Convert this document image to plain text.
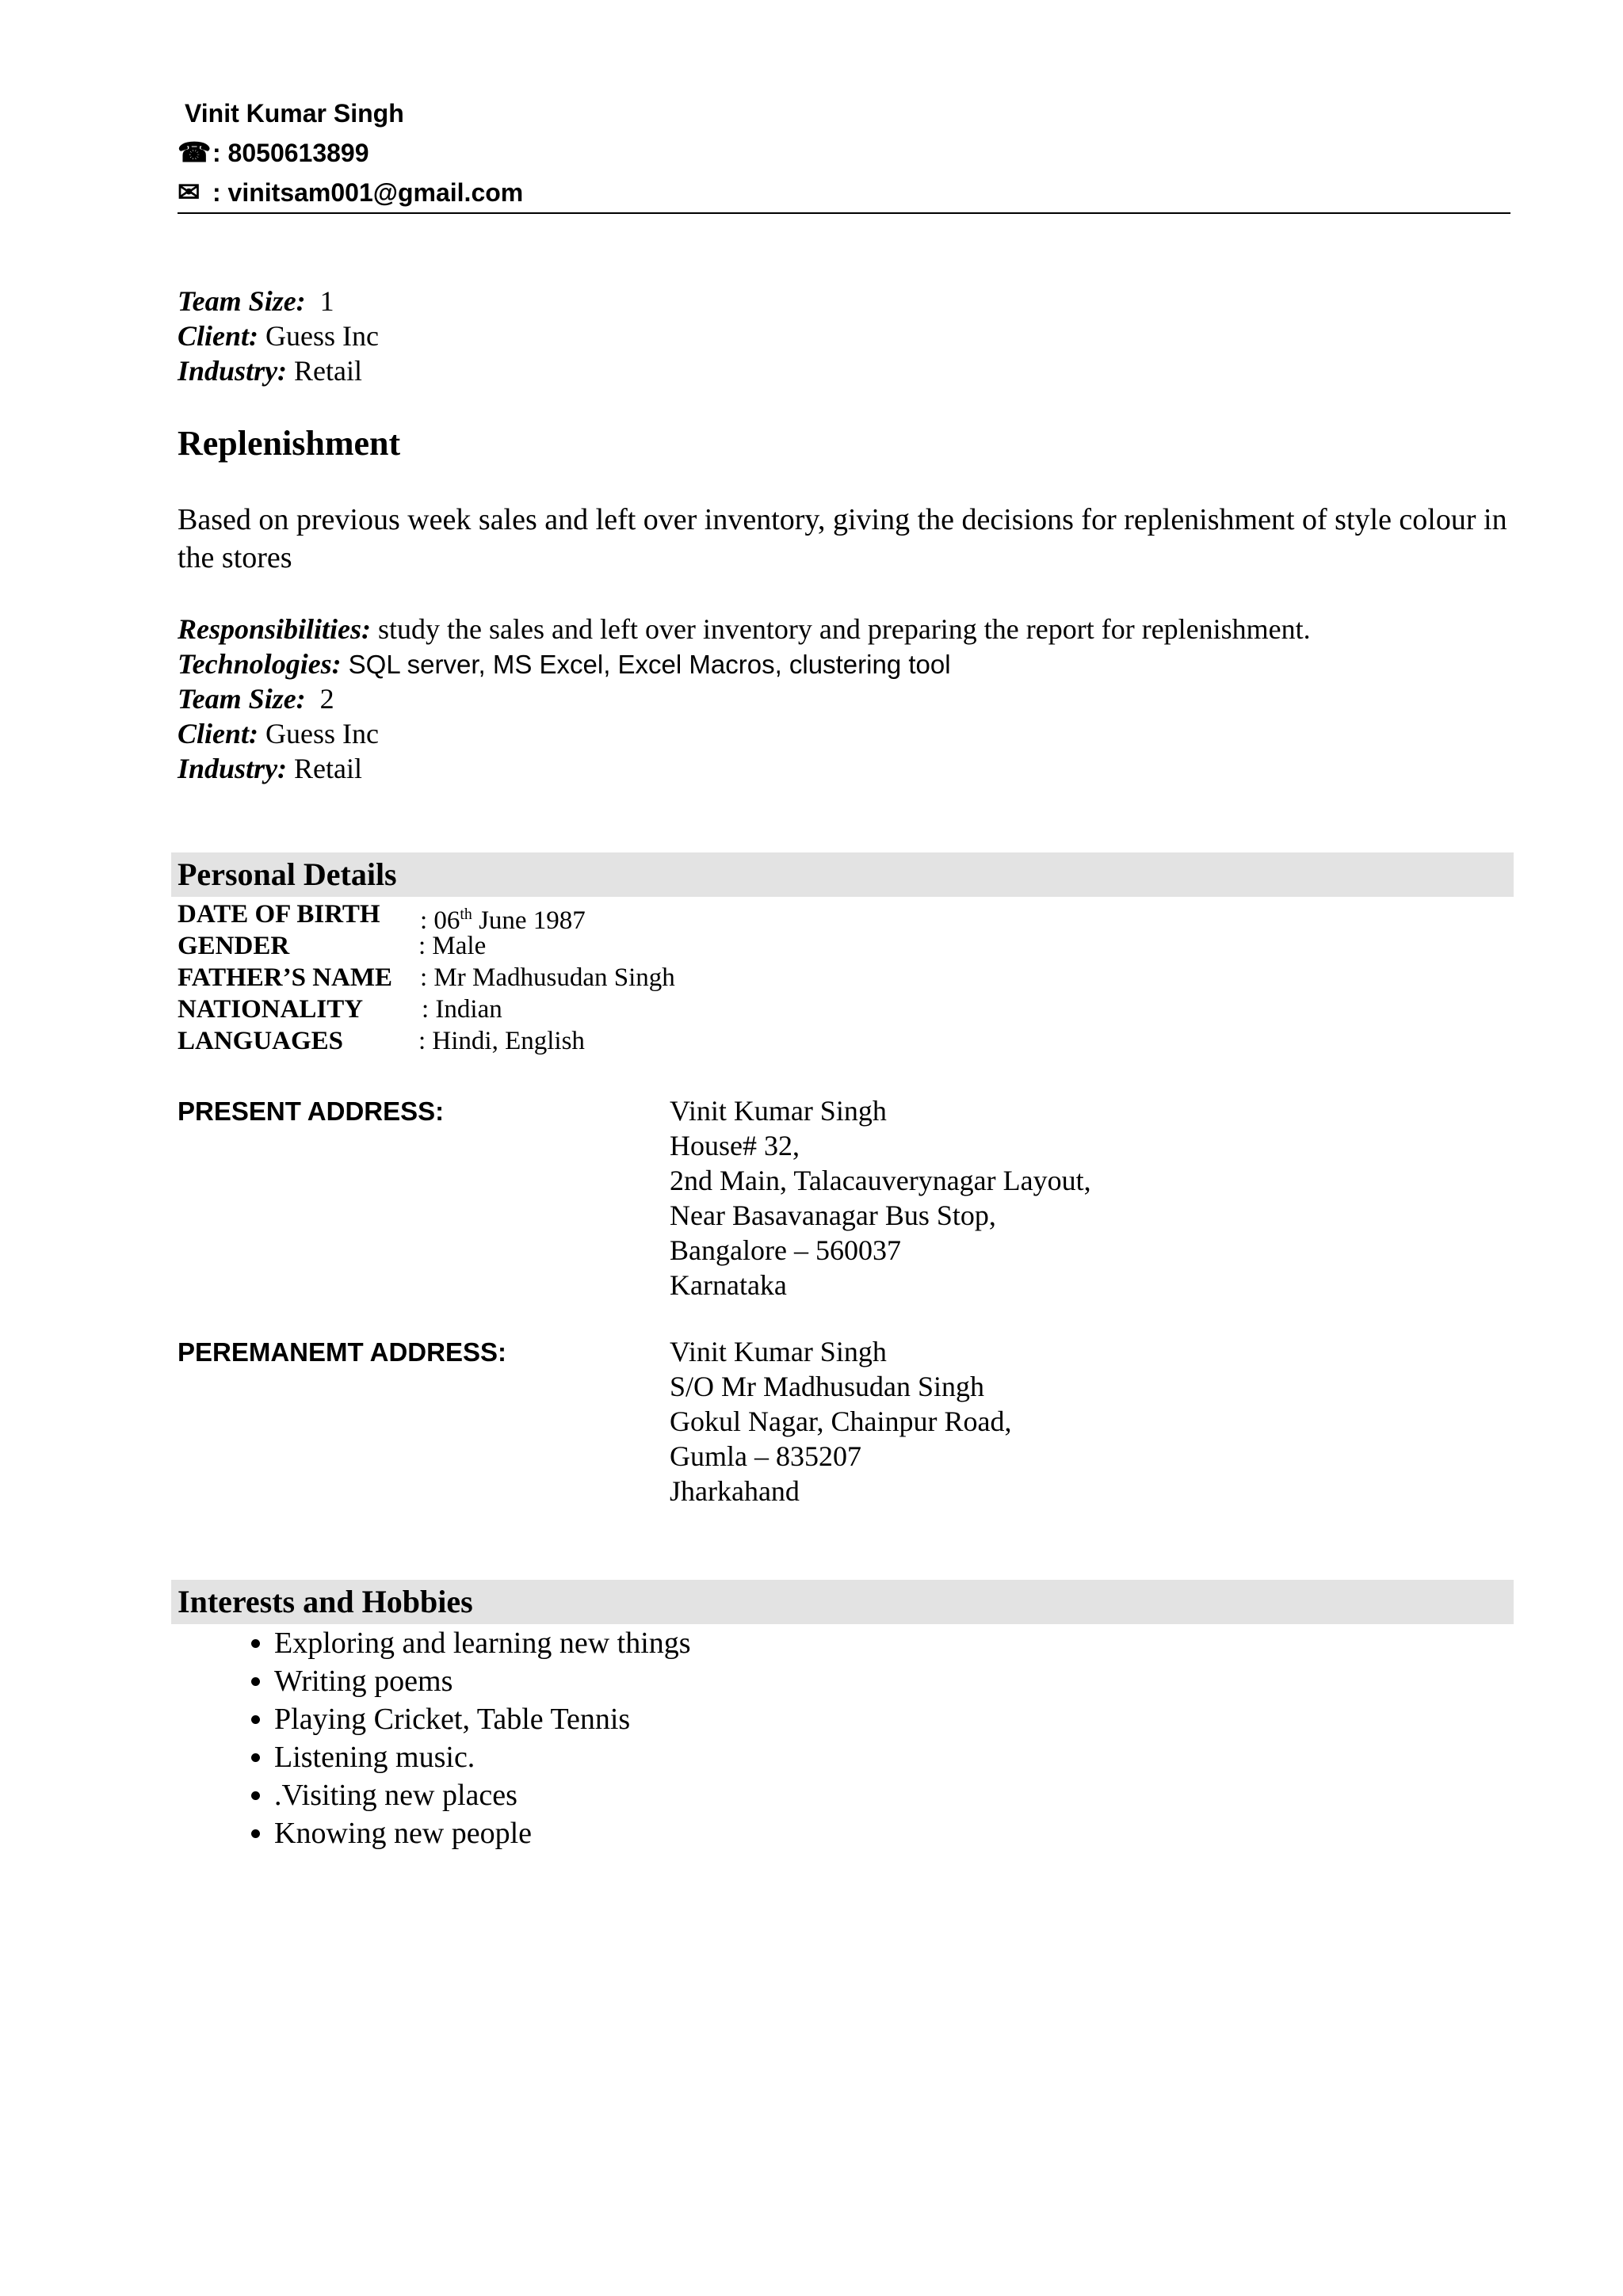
Vinit Kumar Singh
☎: 8050613899
✉ : vinitsam001@gmail.com
Team Size: 1
Client: Guess Inc
Industry: Retail
Replenishment
Based on previous week sales and left over inventory, giving the decisions for replenishment of style colour in the stores
Responsibilities: study the sales and left over inventory and preparing the report for replenishment.
Technologies: SQL server, MS Excel, Excel Macros, clustering tool
Team Size: 2
Client: Guess Inc
Industry: Retail
Personal Details
DATE OF BIRTH : 06th June 1987
GENDER	: Male
FATHER’S NAME : Mr Madhusudan Singh
NATIONALITY : Indian
LANGUAGES	: Hindi, English
PRESENT ADDRESS:	Vinit Kumar Singh
House# 32,
2nd Main, Talacauverynagar Layout,
Near Basavanagar Bus Stop,
Bangalore – 560037
Karnataka
PEREMANEMT ADDRESS:	Vinit Kumar Singh
S/O Mr Madhusudan Singh
Gokul Nagar, Chainpur Road,
Gumla – 835207
Jharkahand
Interests and Hobbies
• Exploring and learning new things
• Writing poems
• Playing Cricket, Table Tennis
• Listening music.
• .Visiting new places
• Knowing new people
